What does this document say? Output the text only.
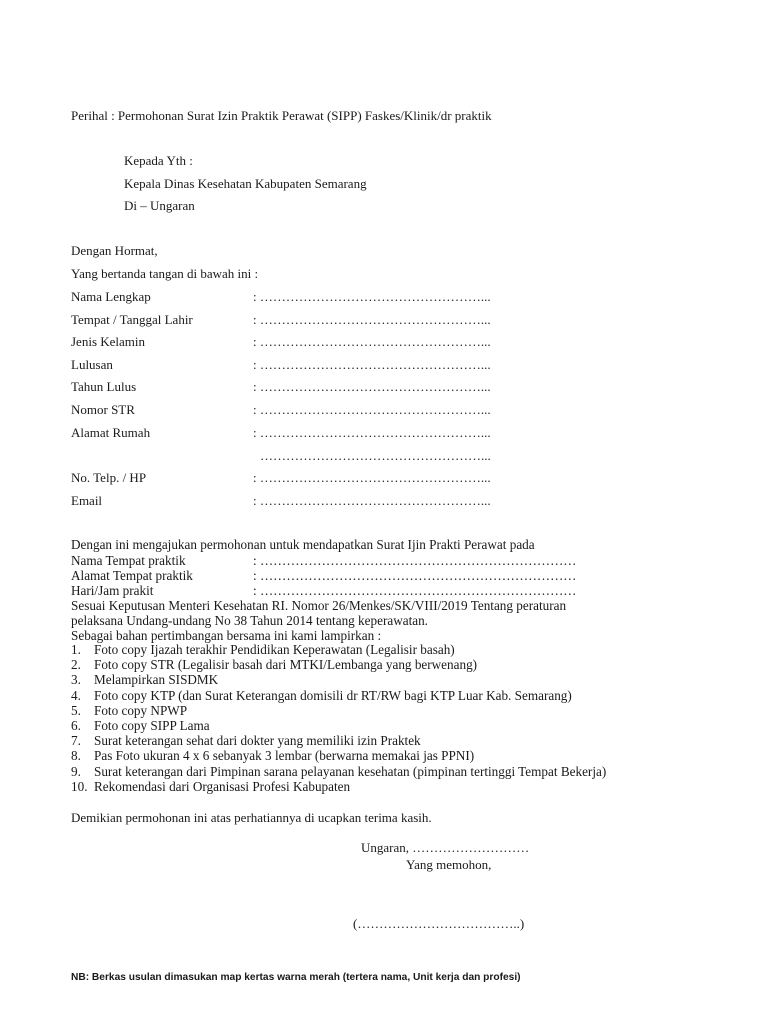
Perihal : Permohonan Surat Izin Praktik Perawat (SIPP) Faskes/Klinik/dr praktik
Kepada Yth :
Kepala Dinas Kesehatan Kabupaten Semarang
Di – Ungaran
Dengan Hormat,
Yang bertanda tangan di bawah ini :
Nama Lengkap	: ……………………………………………...
Tempat / Tanggal Lahir	: ……………………………………………...
Jenis Kelamin	: ……………………………………………...
Lulusan	: ……………………………………………...
Tahun Lulus	: ……………………………………………...
Nomor STR	: ……………………………………………...
Alamat Rumah	: ……………………………………………...
……………………………………………...
No. Telp. / HP	: ……………………………………………...
Email	: ……………………………………………...
Dengan ini mengajukan permohonan untuk mendapatkan Surat Ijin Prakti Perawat pada
Nama Tempat praktik	: ………………………………………………………………
Alamat Tempat praktik	: ………………………………………………………………
Hari/Jam prakit	: ………………………………………………………………
Sesuai Keputusan Menteri Kesehatan RI. Nomor 26/Menkes/SK/VIII/2019 Tentang peraturan
pelaksana Undang-undang No 38 Tahun 2014 tentang keperawatan.
Sebagai bahan pertimbangan bersama ini kami lampirkan :
1. Foto copy Ijazah terakhir Pendidikan Keperawatan (Legalisir basah)
2. Foto copy STR (Legalisir basah dari MTKI/Lembanga yang berwenang)
3. Melampirkan SISDMK
4. Foto copy KTP (dan Surat Keterangan domisili dr RT/RW bagi KTP Luar Kab. Semarang)
5. Foto copy NPWP
6. Foto copy SIPP Lama
7. Surat keterangan sehat dari dokter yang memiliki izin Praktek
8. Pas Foto ukuran 4 x 6 sebanyak 3 lembar (berwarna memakai jas PPNI)
9. Surat keterangan dari Pimpinan sarana pelayanan kesehatan (pimpinan tertinggi Tempat Bekerja)
10. Rekomendasi dari Organisasi Profesi Kabupaten
Demikian permohonan ini atas perhatiannya di ucapkan terima kasih.
Ungaran, ………………………
Yang memohon,
(………………………………..)
NB: Berkas usulan dimasukan map kertas warna merah (tertera nama, Unit kerja dan profesi)
